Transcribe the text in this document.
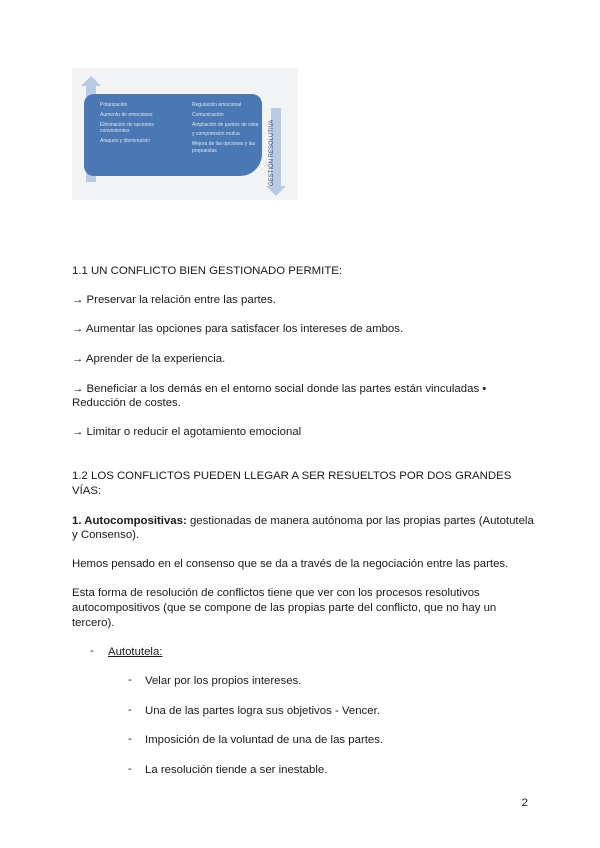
GESTIÓN RESOLUTIVA
Polarización
Aumento de emociones
Eliminación de opciones convenientes
Ataques y disminución
Regulación emocional
Comunicación
Ampliación de puntos de vista
y comprensión mutua
Mejora de las opciones y las propuestas
1.1 UN CONFLICTO BIEN GESTIONADO PERMITE:
→ Preservar la relación entre las partes.
→ Aumentar las opciones para satisfacer los intereses de ambos.
→ Aprender de la experiencia.
→ Beneficiar a los demás en el entorno social donde las partes están vinculadas •
Reducción de costes.
→ Limitar o reducir el agotamiento emocional
1.2 LOS CONFLICTOS PUEDEN LLEGAR A SER RESUELTOS POR DOS GRANDES
VÍAS:
1. Autocompositivas: gestionadas de manera autónoma por las propias partes (Autotutela
y Consenso).
Hemos pensado en el consenso que se da a través de la negociación entre las partes.
Esta forma de resolución de conflictos tiene que ver con los procesos resolutivos
autocompositivos (que se compone de las propias parte del conflicto, que no hay un
tercero).
- Autotutela:
- Velar por los propios intereses.
- Una de las partes logra sus objetivos - Vencer.
- Imposición de la voluntad de una de las partes.
- La resolución tiende a ser inestable.
2
